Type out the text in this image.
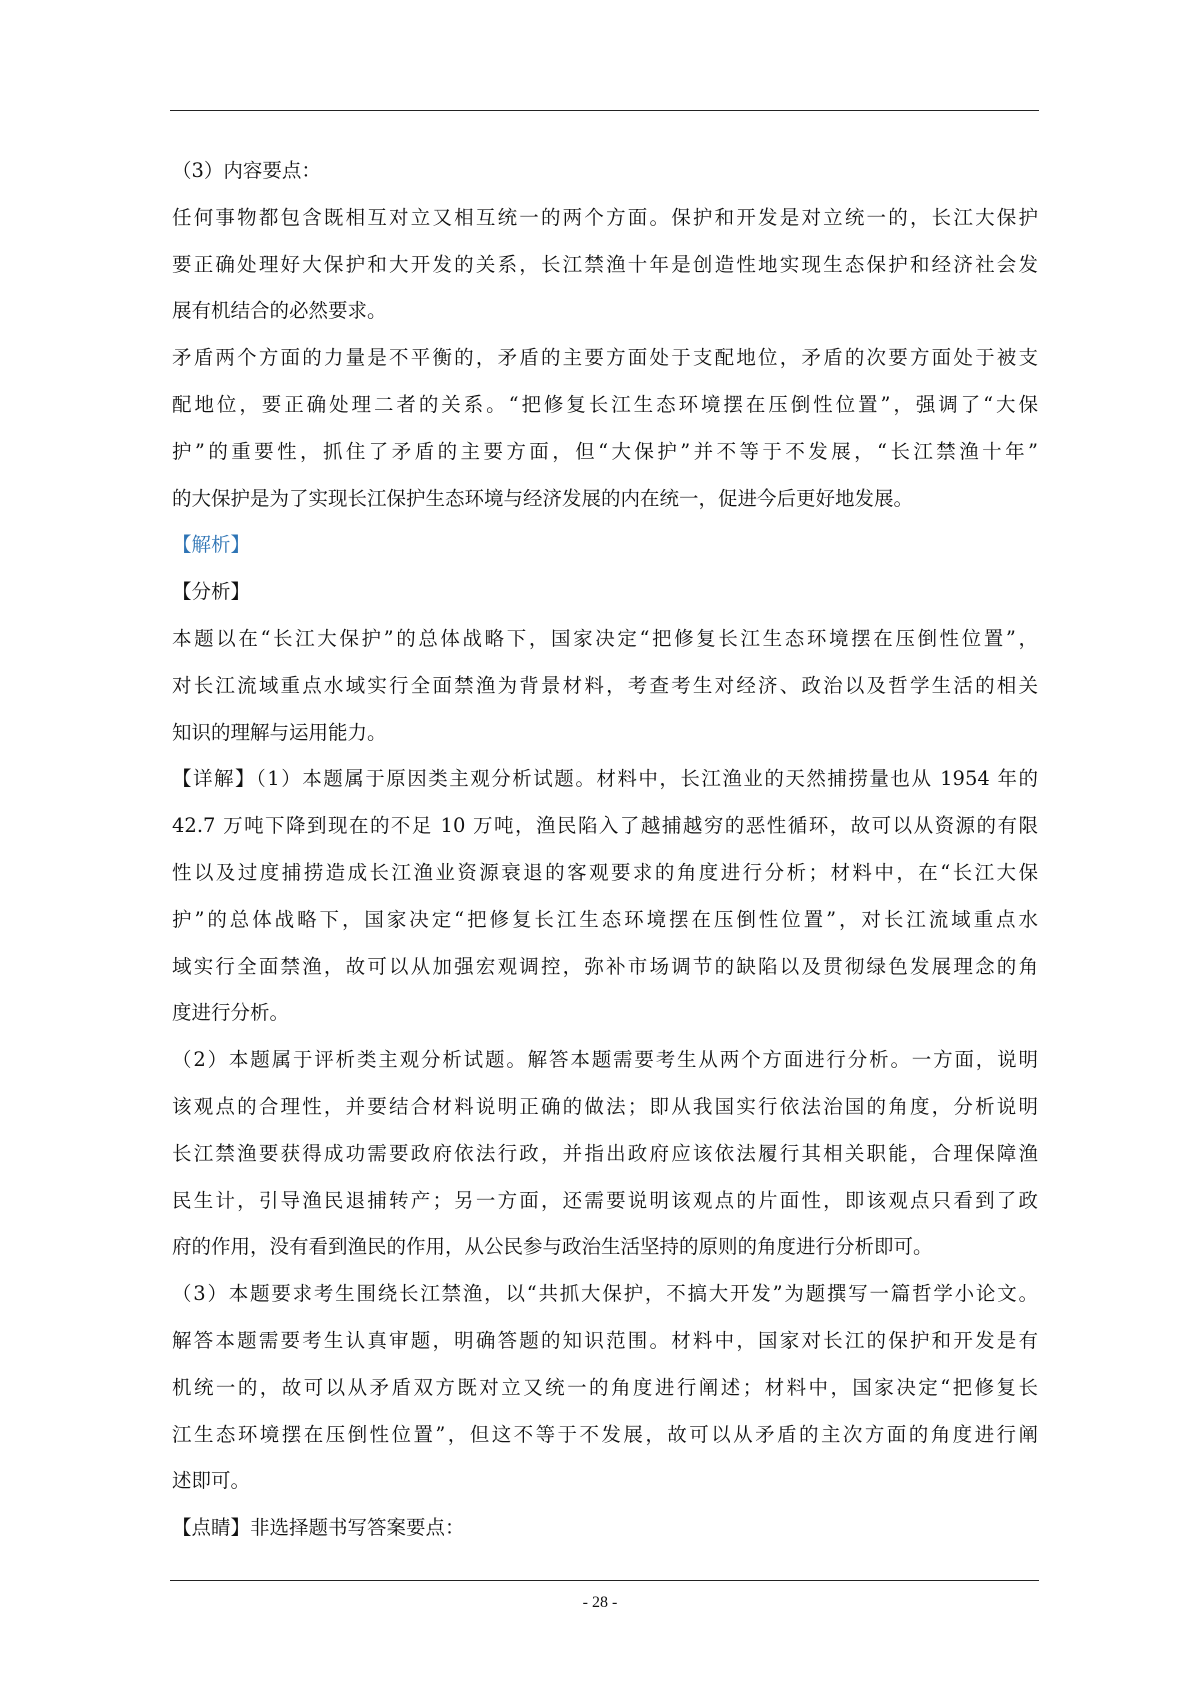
（3）内容要点：

任何事物都包含既相互对立又相互统一的两个方面。保护和开发是对立统一的，长江大保护

要正确处理好大保护和大开发的关系，长江禁渔十年是创造性地实现生态保护和经济社会发

展有机结合的必然要求。

矛盾两个方面的力量是不平衡的，矛盾的主要方面处于支配地位，矛盾的次要方面处于被支

配地位，要正确处理二者的关系。“把修复长江生态环境摆在压倒性位置”，强调了“大保

护”的重要性，抓住了矛盾的主要方面，但“大保护”并不等于不发展，“长江禁渔十年”

的大保护是为了实现长江保护生态环境与经济发展的内在统一，促进今后更好地发展。

【解析】

【分析】

本题以在“长江大保护”的总体战略下，国家决定“把修复长江生态环境摆在压倒性位置”，

对长江流域重点水域实行全面禁渔为背景材料，考查考生对经济、政治以及哲学生活的相关

知识的理解与运用能力。

【详解】（1）本题属于原因类主观分析试题。材料中，长江渔业的天然捕捞量也从 1954 年的

42.7 万吨下降到现在的不足 10 万吨，渔民陷入了越捕越穷的恶性循环，故可以从资源的有限

性以及过度捕捞造成长江渔业资源衰退的客观要求的角度进行分析；材料中，在“长江大保

护”的总体战略下，国家决定“把修复长江生态环境摆在压倒性位置”，对长江流域重点水

域实行全面禁渔，故可以从加强宏观调控，弥补市场调节的缺陷以及贯彻绿色发展理念的角

度进行分析。

（2）本题属于评析类主观分析试题。解答本题需要考生从两个方面进行分析。一方面，说明

该观点的合理性，并要结合材料说明正确的做法；即从我国实行依法治国的角度，分析说明

长江禁渔要获得成功需要政府依法行政，并指出政府应该依法履行其相关职能，合理保障渔

民生计，引导渔民退捕转产；另一方面，还需要说明该观点的片面性，即该观点只看到了政

府的作用，没有看到渔民的作用，从公民参与政治生活坚持的原则的角度进行分析即可。

（3）本题要求考生围绕长江禁渔，以“共抓大保护，不搞大开发”为题撰写一篇哲学小论文。

解答本题需要考生认真审题，明确答题的知识范围。材料中，国家对长江的保护和开发是有

机统一的，故可以从矛盾双方既对立又统一的角度进行阐述；材料中，国家决定“把修复长

江生态环境摆在压倒性位置”，但这不等于不发展，故可以从矛盾的主次方面的角度进行阐

述即可。

【点睛】非选择题书写答案要点：

- 28 -
